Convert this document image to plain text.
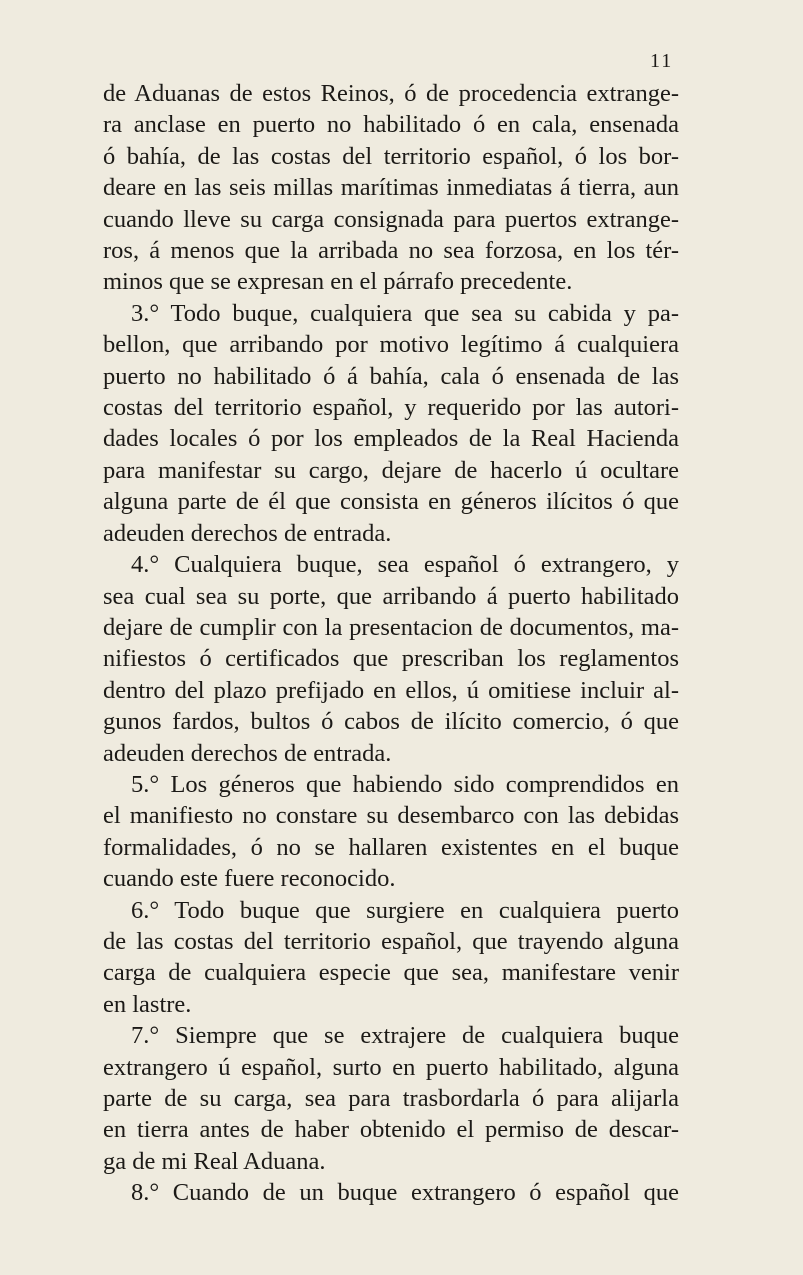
11
de Aduanas de estos Reinos, ó de procedencia extrange-
ra anclase en puerto no habilitado ó en cala, ensenada
ó bahía, de las costas del territorio español, ó los bor-
deare en las seis millas marítimas inmediatas á tierra, aun
cuando lleve su carga consignada para puertos extrange-
ros, á menos que la arribada no sea forzosa, en los tér-
minos que se expresan en el párrafo precedente.
3.° Todo buque, cualquiera que sea su cabida y pa-
bellon, que arribando por motivo legítimo á cualquiera
puerto no habilitado ó á bahía, cala ó ensenada de las
costas del territorio español, y requerido por las autori-
dades locales ó por los empleados de la Real Hacienda
para manifestar su cargo, dejare de hacerlo ú ocultare
alguna parte de él que consista en géneros ilícitos ó que
adeuden derechos de entrada.
4.° Cualquiera buque, sea español ó extrangero, y
sea cual sea su porte, que arribando á puerto habilitado
dejare de cumplir con la presentacion de documentos, ma-
nifiestos ó certificados que prescriban los reglamentos
dentro del plazo prefijado en ellos, ú omitiese incluir al-
gunos fardos, bultos ó cabos de ilícito comercio, ó que
adeuden derechos de entrada.
5.° Los géneros que habiendo sido comprendidos en
el manifiesto no constare su desembarco con las debidas
formalidades, ó no se hallaren existentes en el buque
cuando este fuere reconocido.
6.° Todo buque que surgiere en cualquiera puerto
de las costas del territorio español, que trayendo alguna
carga de cualquiera especie que sea, manifestare venir
en lastre.
7.° Siempre que se extrajere de cualquiera buque
extrangero ú español, surto en puerto habilitado, alguna
parte de su carga, sea para trasbordarla ó para alijarla
en tierra antes de haber obtenido el permiso de descar-
ga de mi Real Aduana.
8.° Cuando de un buque extrangero ó español que
